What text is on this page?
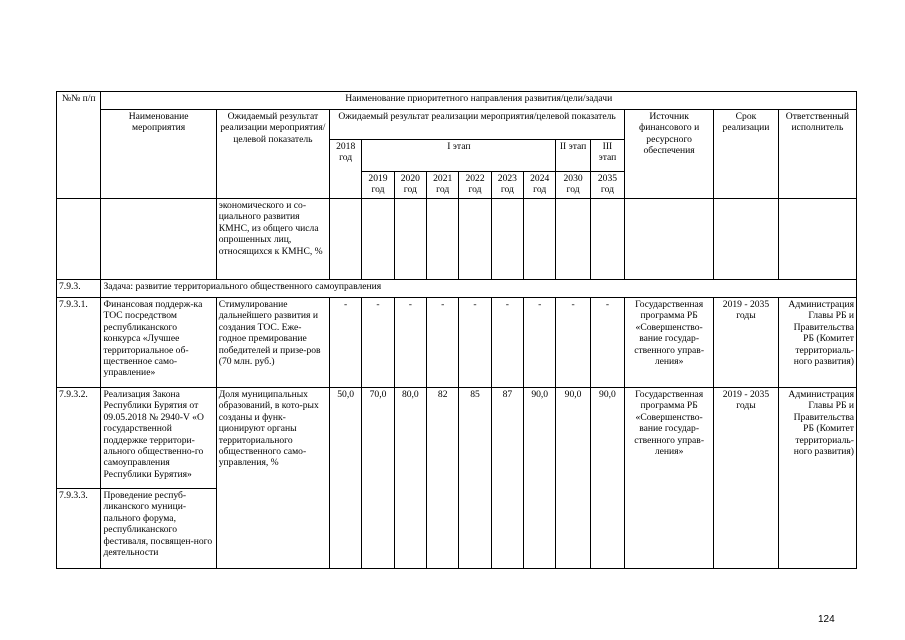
№№ п/п	Наименование приоритетного направления развития/цели/задачи													
	Наименование мероприятия	Ожидаемый результат реализации мероприятия/целевой показатель	Ожидаемый результат реализации мероприятия/целевой показатель									Источник финансового и ресурсного обеспечения	Срок реализации	Ответственный исполнитель
			2018 год	I этап						II этап	III этап			
				2019 год	2020 год	2021 год	2022 год	2023 год	2024 год	2030 год	2035 год			
		экономического и со-циального развития КМНС, из общего числа опрошенных лиц, относящихся к КМНС, %												
7.9.3.	Задача: развитие территориального общественного самоуправления													
7.9.3.1.	Финансовая поддерж-ка ТОС посредством республиканского конкурса «Лучшее территориальное об-щественное само-управление»	Стимулирование дальнейшего развития и создания ТОС. Еже-годное премирование победителей и призе-ров (70 млн. руб.)	-	-	-	-	-	-	-	-	-	Государственная программа РБ «Совершенство-вание государ-ственного управ-ления»	2019 - 2035 годы	Администрация Главы РБ и Правительства РБ (Комитет территориаль-ного развития)
7.9.3.2.	Реализация Закона Республики Бурятия от 09.05.2018 № 2940-V «О государственной поддержке территори-ального общественно-го самоуправления Республики Бурятия»	Доля муниципальных образований, в кото-рых созданы и функ-ционируют органы территориального общественного само-управления, %	50,0	70,0	80,0	82	85	87	90,0	90,0	90,0	Государственная программа РБ «Совершенство-вание государ-ственного управ-ления»	2019 - 2035 годы	Администрация Главы РБ и Правительства РБ (Комитет территориаль-ного развития)
7.9.3.3.	Проведение респуб-ликанского муници-пального форума, республиканского фестиваля, посвящен-ного деятельности													
124
